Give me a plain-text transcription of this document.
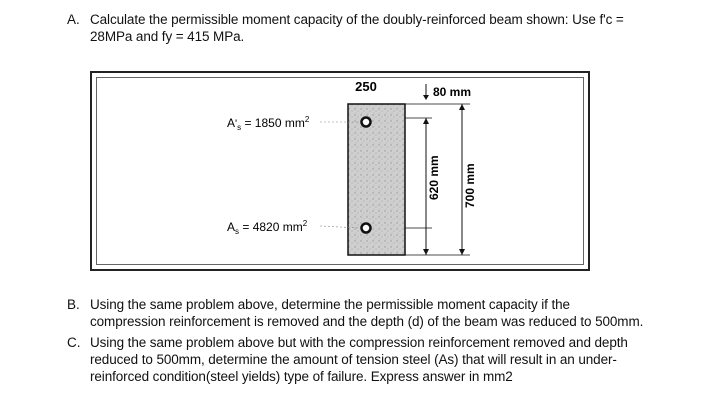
A. Calculate the permissible moment capacity of the doubly-reinforced beam shown: Use f'c =
28MPa and fy = 415 MPa.
250	80 mm
620 mm 700 mm
$A'_s = 1850$ $mm^2$
$A_s = 4820$ $mm^2$
B. Using the same problem above, determine the permissible moment capacity if the
compression reinforcement is removed and the depth (d) of the beam was reduced to 500mm.
C. Using the same problem above but with the compression reinforcement removed and depth
reduced to 500mm, determine the amount of tension steel (As) that will result in an under-
reinforced condition(steel yields) type of failure. Express answer in mm2
